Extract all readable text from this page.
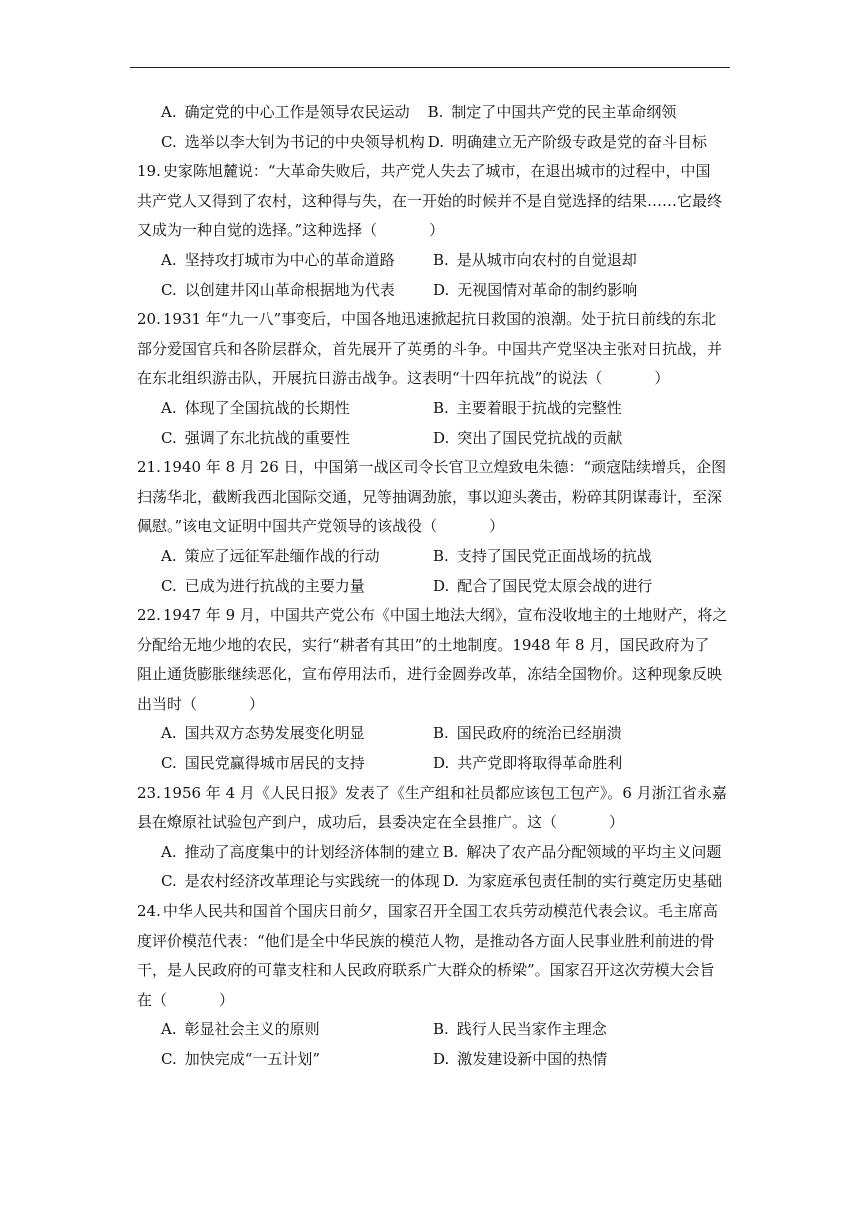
A. 确定党的中心工作是领导农民运动 B. 制定了中国共产党的民主革命纲领
C. 选举以李大钊为书记的中央领导机构 D. 明确建立无产阶级专政是党的奋斗目标
19. 史家陈旭麓说：“大革命失败后，共产党人失去了城市，在退出城市的过程中，中国
共产党人又得到了农村，这种得与失，在一开始的时候并不是自觉选择的结果……它最终
又成为一种自觉的选择。”这种选择（	）
A. 坚持攻打城市为中心的革命道路	B. 是从城市向农村的自觉退却
C. 以创建井冈山革命根据地为代表	D. 无视国情对革命的制约影响
20. 1931 年“九一八”事变后，中国各地迅速掀起抗日救国的浪潮。处于抗日前线的东北
部分爱国官兵和各阶层群众，首先展开了英勇的斗争。中国共产党坚决主张对日抗战，并
在东北组织游击队，开展抗日游击战争。这表明“十四年抗战”的说法（	）
A. 体现了全国抗战的长期性	B. 主要着眼于抗战的完整性
C. 强调了东北抗战的重要性	D. 突出了国民党抗战的贡献
21. 1940 年 8 月 26 日，中国第一战区司令长官卫立煌致电朱德：“顽寇陆续增兵，企图
扫荡华北，截断我西北国际交通，兄等抽调劲旅，事以迎头袭击，粉碎其阴谋毒计，至深
佩慰。”该电文证明中国共产党领导的该战役（	）
A. 策应了远征军赴缅作战的行动	B. 支持了国民党正面战场的抗战
C. 已成为进行抗战的主要力量	D. 配合了国民党太原会战的进行
22. 1947 年 9 月，中国共产党公布《中国土地法大纲》，宣布没收地主的土地财产，将之
分配给无地少地的农民，实行“耕者有其田”的土地制度。1948 年 8 月，国民政府为了
阻止通货膨胀继续恶化，宣布停用法币，进行金圆券改革，冻结全国物价。这种现象反映
出当时（	）
A. 国共双方态势发展变化明显	B. 国民政府的统治已经崩溃
C. 国民党赢得城市居民的支持	D. 共产党即将取得革命胜利
23. 1956 年 4 月《人民日报》发表了《生产组和社员都应该包工包产》。6 月浙江省永嘉
县在燎原社试验包产到户，成功后，县委决定在全县推广。这（	）
A. 推动了高度集中的计划经济体制的建立 B. 解决了农产品分配领域的平均主义问题
C. 是农村经济改革理论与实践统一的体现 D. 为家庭承包责任制的实行奠定历史基础
24. 中华人民共和国首个国庆日前夕，国家召开全国工农兵劳动模范代表会议。毛主席高
度评价模范代表：“他们是全中华民族的模范人物，是推动各方面人民事业胜利前进的骨
干，是人民政府的可靠支柱和人民政府联系广大群众的桥梁”。国家召开这次劳模大会旨
在（	）
A. 彰显社会主义的原则	B. 践行人民当家作主理念
C. 加快完成“一五计划”	D. 激发建设新中国的热情
